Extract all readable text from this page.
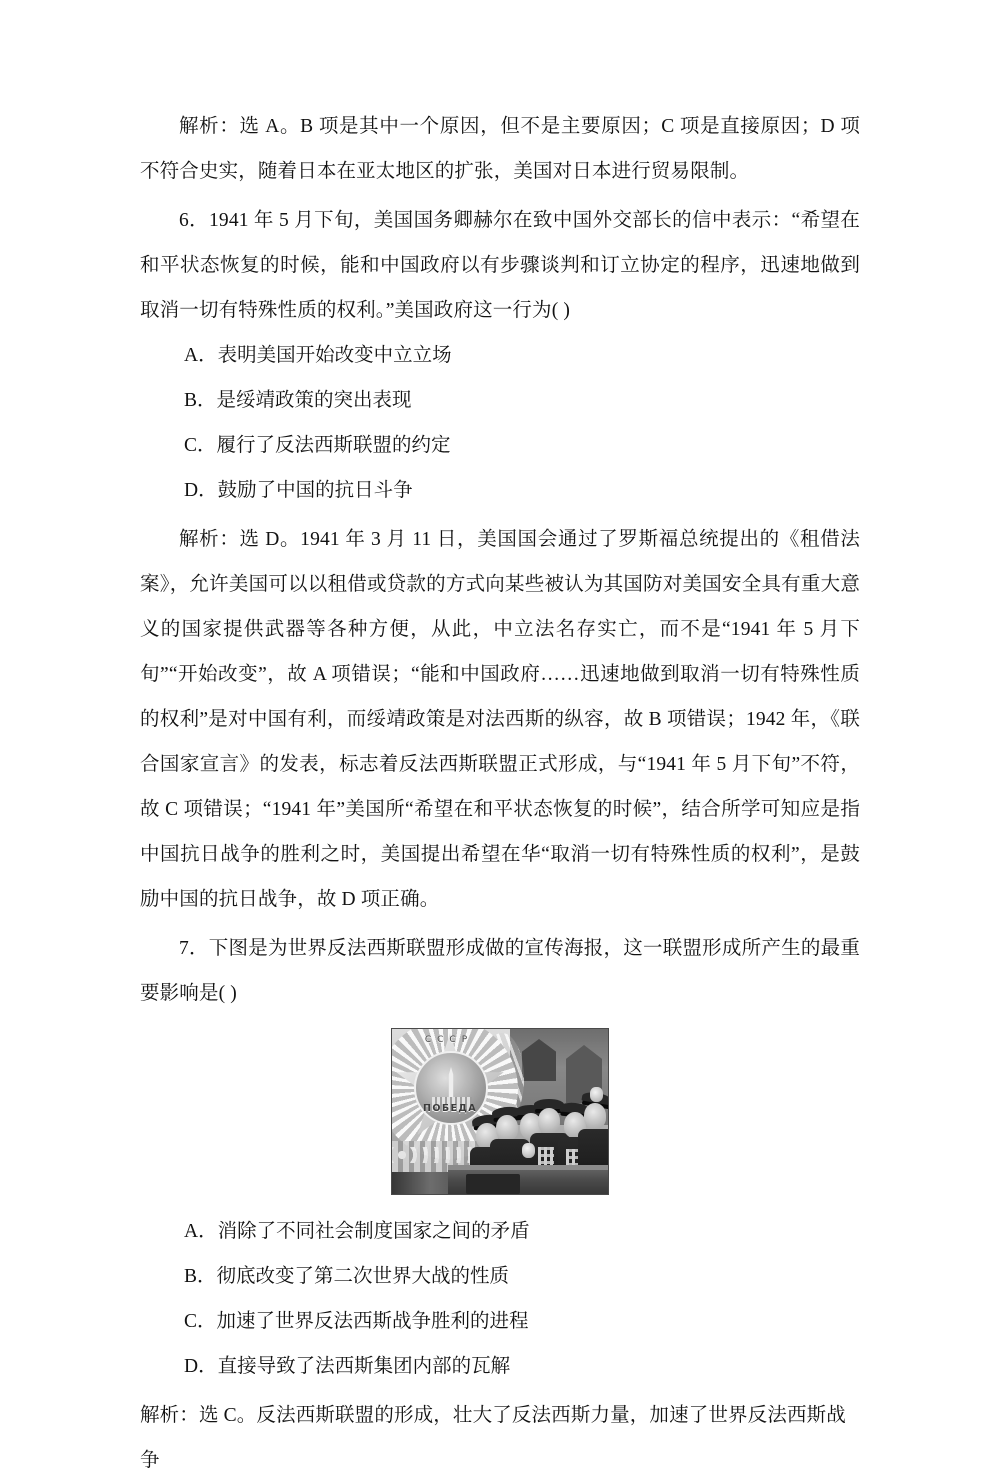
解析：选 A。B 项是其中一个原因，但不是主要原因；C 项是直接原因；D 项不符合史实，随着日本在亚太地区的扩张，美国对日本进行贸易限制。

6．1941 年 5 月下旬，美国国务卿赫尔在致中国外交部长的信中表示：“希望在和平状态恢复的时候，能和中国政府以有步骤谈判和订立协定的程序，迅速地做到取消一切有特殊性质的权利。”美国政府这一行为( )

A．表明美国开始改变中立立场
B．是绥靖政策的突出表现
C．履行了反法西斯联盟的约定
D．鼓励了中国的抗日斗争

解析：选 D。1941 年 3 月 11 日，美国国会通过了罗斯福总统提出的《租借法案》，允许美国可以以租借或贷款的方式向某些被认为其国防对美国安全具有重大意义的国家提供武器等各种方便，从此，中立法名存实亡，而不是“1941 年 5 月下旬”“开始改变”，故 A 项错误；“能和中国政府……迅速地做到取消一切有特殊性质的权利”是对中国有利，而绥靖政策是对法西斯的纵容，故 B 项错误；1942 年，《联合国家宣言》的发表，标志着反法西斯联盟正式形成，与“1941 年 5 月下旬”不符，故 C 项错误；“1941 年”美国所“希望在和平状态恢复的时候”，结合所学可知应是指中国抗日战争的胜利之时，美国提出希望在华“取消一切有特殊性质的权利”，是鼓励中国的抗日战争，故 D 项正确。

7．下图是为世界反法西斯联盟形成做的宣传海报，这一联盟形成所产生的最重要影响是( )

СССР
ПОБЕДА
A．消除了不同社会制度国家之间的矛盾
B．彻底改变了第二次世界大战的性质
C．加速了世界反法西斯战争胜利的进程
D．直接导致了法西斯集团内部的瓦解

解析：选 C。反法西斯联盟的形成，壮大了反法西斯力量，加速了世界反法西斯战争
